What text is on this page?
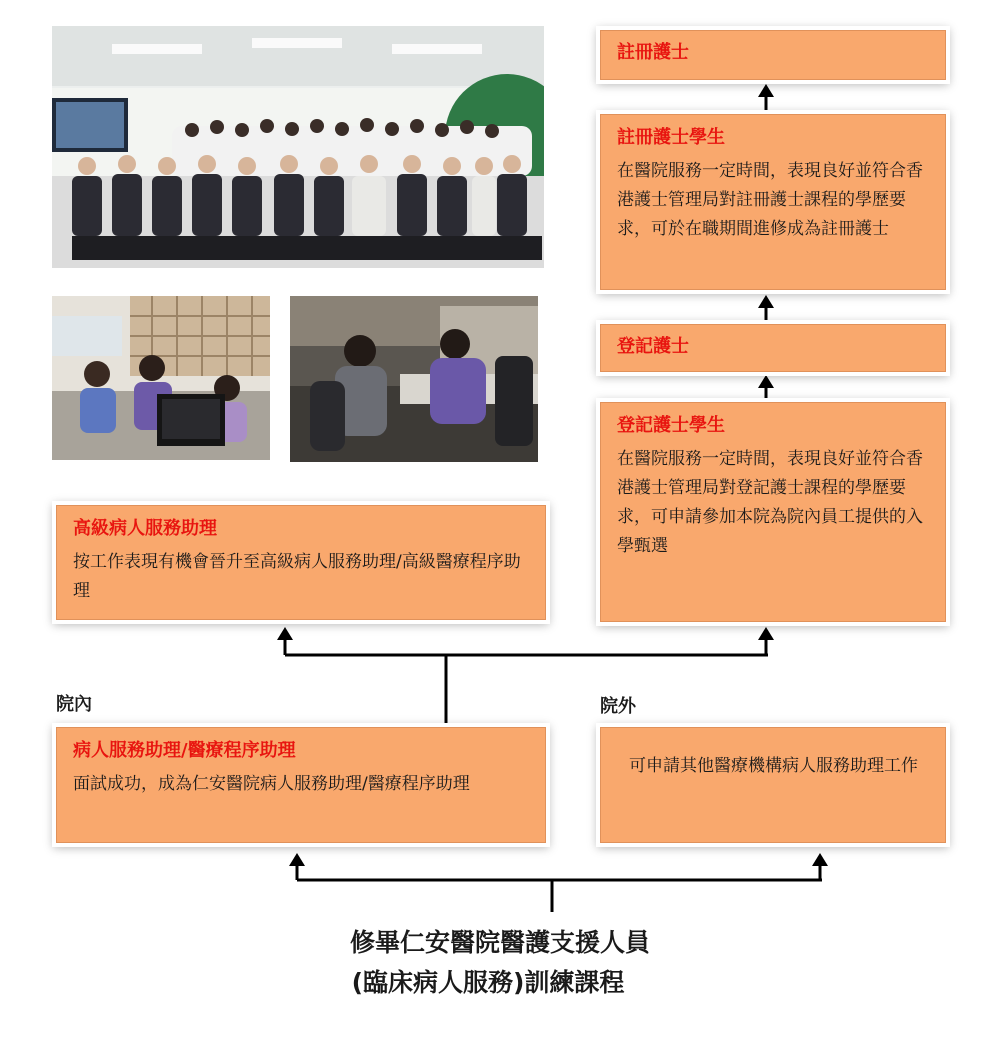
註冊護士
註冊護士學生
在醫院服務一定時間，表現良好並符合香港護士管理局對註冊護士課程的學歷要求，可於在職期間進修成為註冊護士
登記護士
登記護士學生
在醫院服務一定時間，表現良好並符合香港護士管理局對登記護士課程的學歷要求，可申請參加本院為院內員工提供的入學甄選
高級病人服務助理
按工作表現有機會晉升至高級病人服務助理/高級醫療程序助理
院內	院外
病人服務助理/醫療程序助理
面試成功，成為仁安醫院病人服務助理/醫療程序助理
可申請其他醫療機構病人服務助理工作
修畢仁安醫院醫護支援人員
(臨床病人服務)訓練課程
